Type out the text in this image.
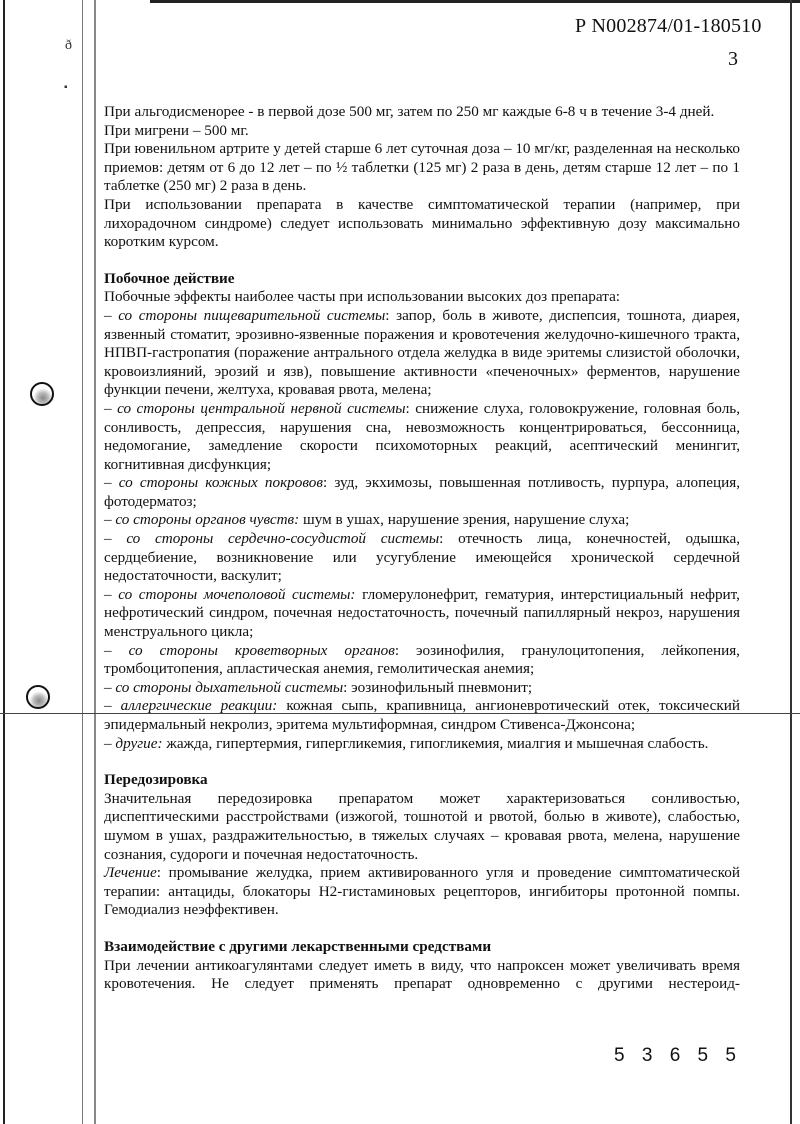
ð
▪
Р N002874/01-180510
3

При альгодисменорее - в первой дозе 500 мг, затем по 250 мг каждые 6-8 ч в течение 3-4 дней.

При мигрени – 500 мг.

При ювенильном артрите у детей старше 6 лет суточная доза – 10 мг/кг, разделенная на несколько приемов: детям от 6 до 12 лет – по ½ таблетки (125 мг) 2 раза в день, детям старше 12 лет – по 1 таблетке (250 мг) 2 раза в день.

При использовании препарата в качестве симптоматической терапии (например, при лихорадочном синдроме) следует использовать минимально эффективную дозу максимально коротким курсом.

Побочное действие

Побочные эффекты наиболее часты при использовании высоких доз препарата:

– со стороны пищеварительной системы: запор, боль в животе, диспепсия, тошнота, диарея, язвенный стоматит, эрозивно-язвенные поражения и кровотечения желудочно-кишечного тракта, НПВП-гастропатия (поражение антрального отдела желудка в виде эритемы слизистой оболочки, кровоизлияний, эрозий и язв), повышение активности «печеночных» ферментов, нарушение функции печени, желтуха, кровавая рвота, мелена;

– со стороны центральной нервной системы: снижение слуха, головокружение, головная боль, сонливость, депрессия, нарушения сна, невозможность концентрироваться, бессонница, недомогание, замедление скорости психомоторных реакций, асептический менингит, когнитивная дисфункция;

– со стороны кожных покровов: зуд, экхимозы, повышенная потливость, пурпура, алопеция, фотодерматоз;

– со стороны органов чувств: шум в ушах, нарушение зрения, нарушение слуха;

– со стороны сердечно-сосудистой системы: отечность лица, конечностей, одышка, сердцебиение, возникновение или усугубление имеющейся хронической сердечной недостаточности, васкулит;

– со стороны мочеполовой системы: гломерулонефрит, гематурия, интерстициальный нефрит, нефротический синдром, почечная недостаточность, почечный папиллярный некроз, нарушения менструального цикла;

– со стороны кроветворных органов: эозинофилия, гранулоцитопения, лейкопения, тромбоцитопения, апластическая анемия, гемолитическая анемия;

– со стороны дыхательной системы: эозинофильный пневмонит;

– аллергические реакции: кожная сыпь, крапивница, ангионевротический отек, токсический эпидермальный некролиз, эритема мультиформная, синдром Стивенса-Джонсона;

– другие: жажда, гипертермия, гипергликемия, гипогликемия, миалгия и мышечная слабость.

Передозировка

Значительная передозировка препаратом может характеризоваться сонливостью, диспептическими расстройствами (изжогой, тошнотой и рвотой, болью в животе), слабостью, шумом в ушах, раздражительностью, в тяжелых случаях – кровавая рвота, мелена, нарушение сознания, судороги и почечная недостаточность.

Лечение: промывание желудка, прием активированного угля и проведение симптоматической терапии: антациды, блокаторы Н2-гистаминовых рецепторов, ингибиторы протонной помпы. Гемодиализ неэффективен.

Взаимодействие с другими лекарственными средствами

При лечении антикоагулянтами следует иметь в виду, что напроксен может увеличивать время кровотечения. Не следует применять препарат одновременно с другими нестероид-

5 3 6 5 5
